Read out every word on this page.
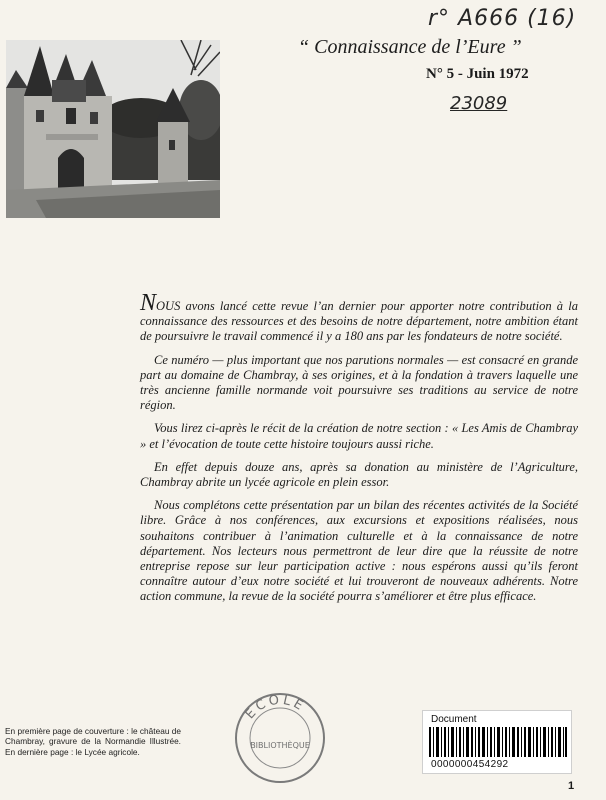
r° A666 (16)
23089
“ Connaissance de l’Eure ”
N° 5 - Juin 1972

NOUS avons lancé cette revue l’an dernier pour apporter notre contribution à la connaissance des ressources et des besoins de notre département, notre ambition étant de poursuivre le travail commencé il y a 180 ans par les fondateurs de notre société.

Ce numéro — plus important que nos parutions normales — est consacré en grande part au domaine de Chambray, à ses origines, et à la fondation à travers laquelle une très ancienne famille normande voit poursuivre ses traditions au service de notre région.

Vous lirez ci-après le récit de la création de notre section : « Les Amis de Chambray » et l’évocation de toute cette histoire toujours aussi riche.

En effet depuis douze ans, après sa donation au ministère de l’Agriculture, Chambray abrite un lycée agricole en plein essor.

Nous complétons cette présentation par un bilan des récentes activités de la Société libre. Grâce à nos conférences, aux excursions et expositions réalisées, nous souhaitons contribuer à l’animation culturelle et à la connaissance de notre département. Nos lecteurs nous permettront de leur dire que la réussite de notre entreprise repose sur leur participation active : nous espérons aussi qu’ils feront connaître autour d’eux notre société et lui trouveront de nouveaux adhérents. Notre action commune, la revue de la société pourra s’améliorer et être plus efficace.

En première page de couverture : le château de Chambray, gravure de la Normandie Illustrée. En dernière page : le Lycée agricole.
ECOLE
BIBLIOTHÈQUE
Document
0000000454292
1
